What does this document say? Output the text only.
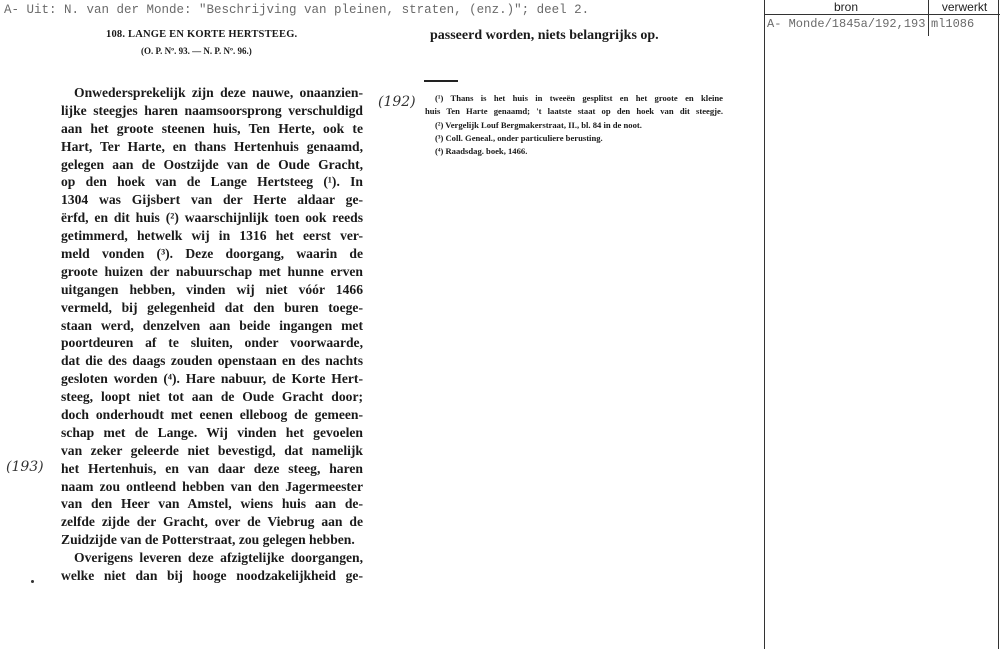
A- Uit: N. van der Monde: "Beschrijving van pleinen, straten, (enz.)"; deel 2.
108. LANGE EN KORTE HERTSTEEG.
(O. P. Nº. 93. — N. P. Nº. 96.)
passeerd worden, niets belangrijks op.
Onwedersprekelijk zijn deze nauwe, onaanzien-
lijke steegjes haren naamsoorsprong verschuldigd
aan het groote steenen huis, Ten Herte, ook te
Hart, Ter Harte, en thans Hertenhuis genaamd,
gelegen aan de Oostzijde van de Oude Gracht,
op den hoek van de Lange Hertsteeg (¹). In
1304 was Gijsbert van der Herte aldaar ge-
ërfd, en dit huis (²) waarschijnlijk toen ook reeds
getimmerd, hetwelk wij in 1316 het eerst ver-
meld vonden (³). Deze doorgang, waarin de
groote huizen der nabuurschap met hunne erven
uitgangen hebben, vinden wij niet vóór 1466
vermeld, bij gelegenheid dat den buren toege-
staan werd, denzelven aan beide ingangen met
poortdeuren af te sluiten, onder voorwaarde,
dat die des daags zouden openstaan en des nachts
gesloten worden (⁴). Hare nabuur, de Korte Hert-
steeg, loopt niet tot aan de Oude Gracht door;
doch onderhoudt met eenen elleboog de gemeen-
schap met de Lange. Wij vinden het gevoelen
van zeker geleerde niet bevestigd, dat namelijk
het Hertenhuis, en van daar deze steeg, haren
naam zou ontleend hebben van den Jagermeester
van den Heer van Amstel, wiens huis aan de-
zelfde zijde der Gracht, over de Viebrug aan de
Zuidzijde van de Potterstraat, zou gelegen hebben.
Overigens leveren deze afzigtelijke doorgangen,
welke niet dan bij hooge noodzakelijkheid ge-
(192)
(193)
(¹) Thans is het huis in tweeën gesplitst en het groote en kleine
huis Ten Harte genaamd; 't laatste staat op den hoek van dit steegje.
(²) Vergelijk Louf Bergmakerstraat, II., bl. 84 in de noot.
(³) Coll. Geneal., onder particuliere berusting.
(⁴) Raadsdag. boek, 1466.
bron	verwerkt
A- Monde/1845a/192,193 ml1086
